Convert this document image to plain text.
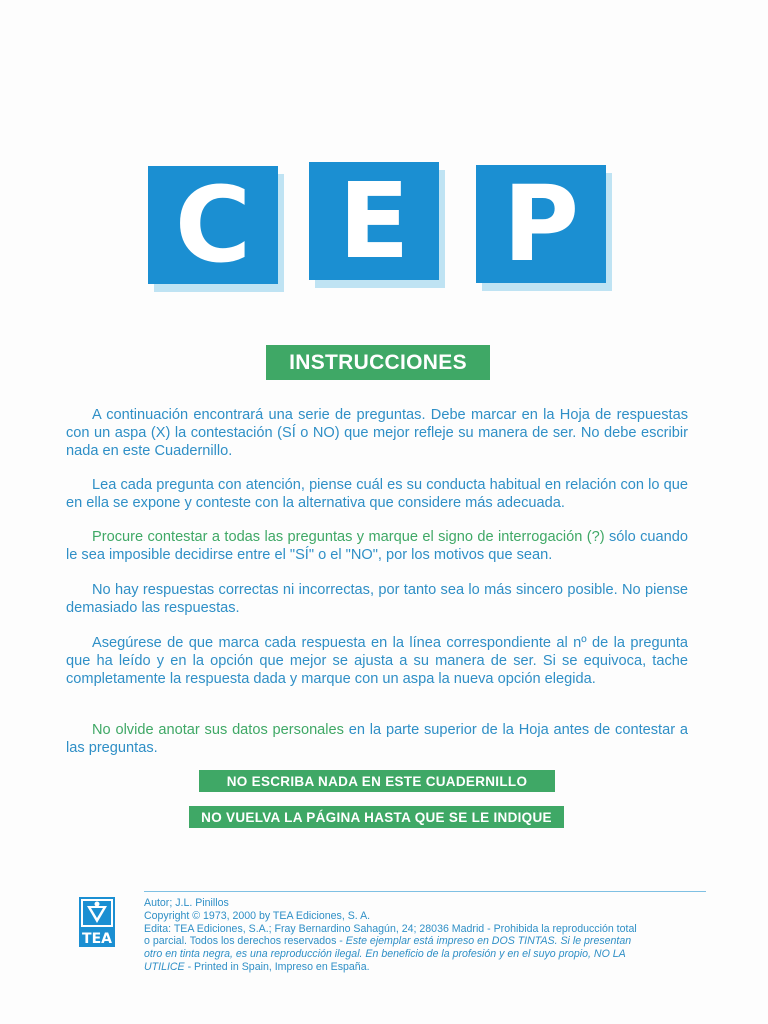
C E P
INSTRUCCIONES
A continuación encontrará una serie de preguntas. Debe marcar en la Hoja de respuestas con un aspa (X) la contestación (SÍ o NO) que mejor refleje su manera de ser. No debe escribir nada en este Cuadernillo.
Lea cada pregunta con atención, piense cuál es su conducta habitual en relación con lo que en ella se expone y conteste con la alternativa que considere más adecuada.
Procure contestar a todas las preguntas y marque el signo de interrogación (?) sólo cuando le sea imposible decidirse entre el "SÍ" o el "NO", por los motivos que sean.
No hay respuestas correctas ni incorrectas, por tanto sea lo más sincero posible. No piense demasiado las respuestas.
Asegúrese de que marca cada respuesta en la línea correspondiente al nº de la pregunta que ha leído y en la opción que mejor se ajusta a su manera de ser. Si se equivoca, tache completamente la respuesta dada y marque con un aspa la nueva opción elegida.
No olvide anotar sus datos personales en la parte superior de la Hoja antes de contestar a las preguntas.
NO ESCRIBA NADA EN ESTE CUADERNILLO
NO VUELVA LA PÁGINA HASTA QUE SE LE INDIQUE
TEA
Autor; J.L. Pinillos
Copyright © 1973, 2000 by TEA Ediciones, S. A.
Edita: TEA Ediciones, S.A.; Fray Bernardino Sahagún, 24; 28036 Madrid - Prohibida la reproducción total
o parcial. Todos los derechos reservados - Este ejemplar está impreso en DOS TINTAS. Si le presentan
otro en tinta negra, es una reproducción ilegal. En beneficio de la profesión y en el suyo propio, NO LA
UTILICE - Printed in Spain, Impreso en España.
